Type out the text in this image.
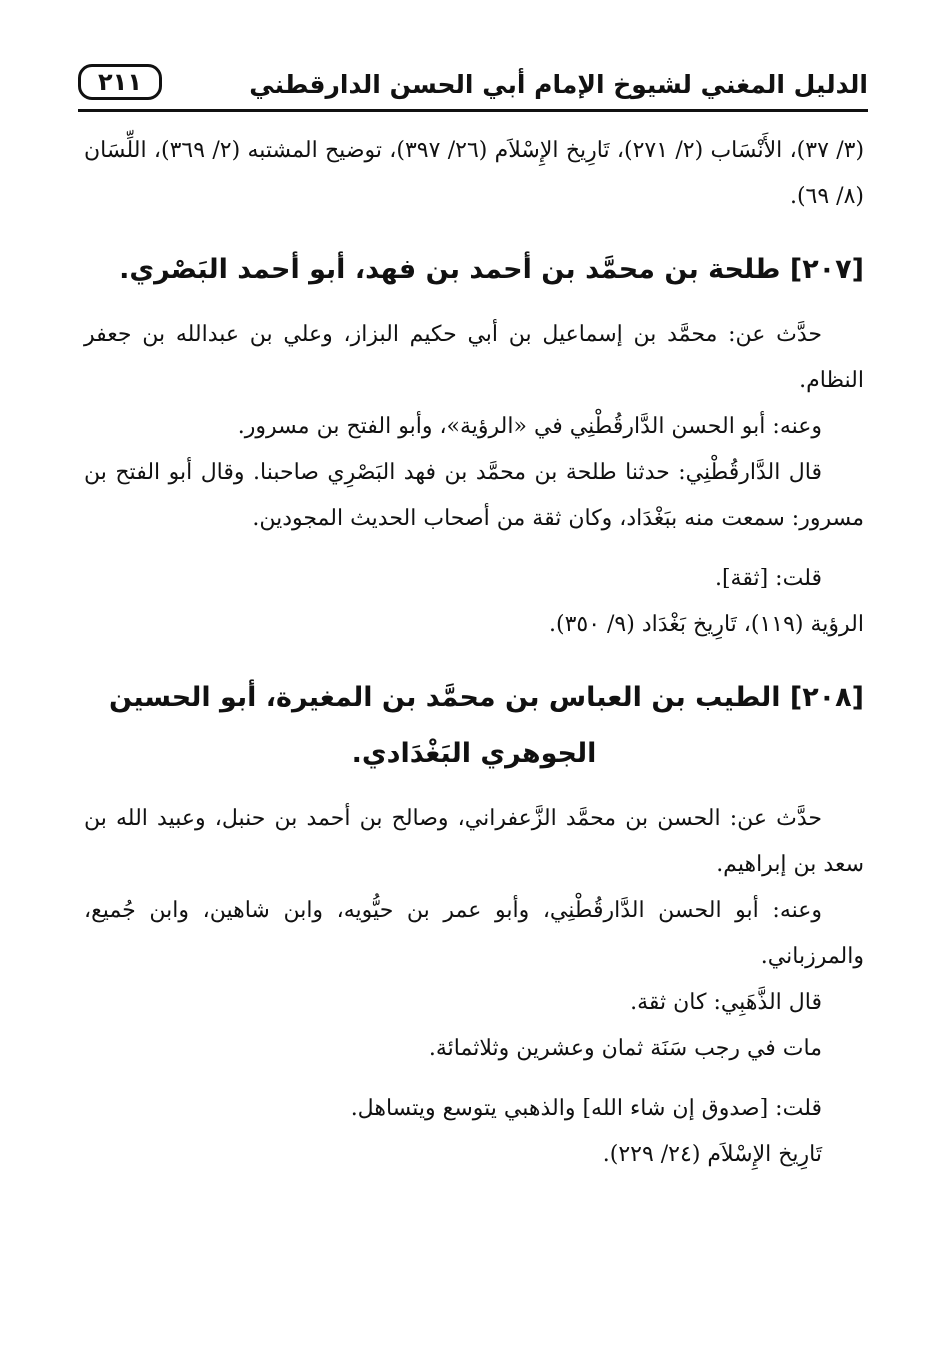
الدليل المغني لشيوخ الإمام أبي الحسن الدارقطني
٢١١

(٣/ ٣٧)، الأَنْسَاب (٢/ ٢٧١)، تَارِيخ الإِسْلاَم (٢٦/ ٣٩٧)، توضيح المشتبه (٢/ ٣٦٩)، اللِّسَان (٨/ ٦٩).

[٢٠٧] طلحة بن محمَّد بن أحمد بن فهد، أبو أحمد البَصْري.

حدَّث عن: محمَّد بن إسماعيل بن أبي حكيم البزاز، وعلي بن عبدالله بن جعفر النظام.

وعنه: أبو الحسن الدَّارقُطْنِي في «الرؤية»، وأبو الفتح بن مسرور.

قال الدَّارقُطْنِي: حدثنا طلحة بن محمَّد بن فهد البَصْرِي صاحبنا. وقال أبو الفتح بن مسرور: سمعت منه ببَغْدَاد، وكان ثقة من أصحاب الحديث المجودين.

قلت: [ثقة].

الرؤية (١١٩)، تَارِيخ بَغْدَاد (٩/ ٣٥٠).

[٢٠٨] الطيب بن العباس بن محمَّد بن المغيرة، أبو الحسين
الجوهري البَغْدَادي.

حدَّث عن: الحسن بن محمَّد الزَّعفراني، وصالح بن أحمد بن حنبل، وعبيد الله بن سعد بن إبراهيم.

وعنه: أبو الحسن الدَّارقُطْنِي، وأبو عمر بن حيُّويه، وابن شاهين، وابن جُميع، والمرزباني.

قال الذَّهَبِي: كان ثقة.

مات في رجب سَنَة ثمان وعشرين وثلاثمائة.

قلت: [صدوق إن شاء الله] والذهبي يتوسع ويتساهل.

تَارِيخ الإِسْلاَم (٢٤/ ٢٢٩).
